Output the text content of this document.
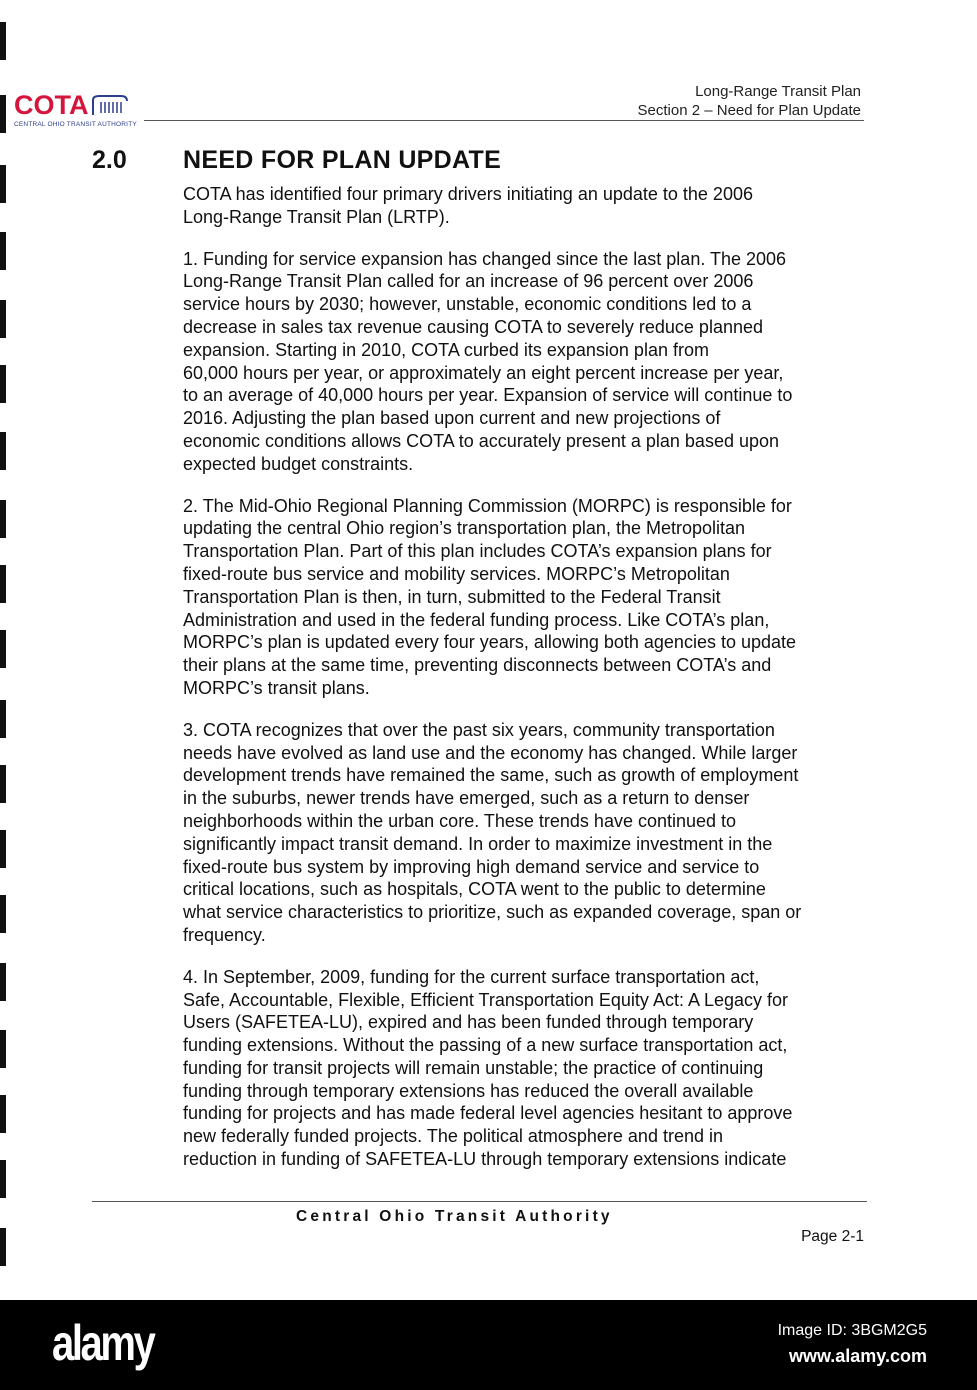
COTA
CENTRAL OHIO TRANSIT AUTHORITY
Long-Range Transit Plan
Section 2 – Need for Plan Update
2.0 NEED FOR PLAN UPDATE
COTA has identified four primary drivers initiating an update to the 2006
Long-Range Transit Plan (LRTP).
1. Funding for service expansion has changed since the last plan. The 2006
Long-Range Transit Plan called for an increase of 96 percent over 2006
service hours by 2030; however, unstable, economic conditions led to a
decrease in sales tax revenue causing COTA to severely reduce planned
expansion. Starting in 2010, COTA curbed its expansion plan from
60,000 hours per year, or approximately an eight percent increase per year,
to an average of 40,000 hours per year. Expansion of service will continue to
2016. Adjusting the plan based upon current and new projections of
economic conditions allows COTA to accurately present a plan based upon
expected budget constraints.
2. The Mid-Ohio Regional Planning Commission (MORPC) is responsible for
updating the central Ohio region’s transportation plan, the Metropolitan
Transportation Plan. Part of this plan includes COTA’s expansion plans for
fixed-route bus service and mobility services. MORPC’s Metropolitan
Transportation Plan is then, in turn, submitted to the Federal Transit
Administration and used in the federal funding process. Like COTA’s plan,
MORPC’s plan is updated every four years, allowing both agencies to update
their plans at the same time, preventing disconnects between COTA’s and
MORPC’s transit plans.
3. COTA recognizes that over the past six years, community transportation
needs have evolved as land use and the economy has changed. While larger
development trends have remained the same, such as growth of employment
in the suburbs, newer trends have emerged, such as a return to denser
neighborhoods within the urban core. These trends have continued to
significantly impact transit demand. In order to maximize investment in the
fixed-route bus system by improving high demand service and service to
critical locations, such as hospitals, COTA went to the public to determine
what service characteristics to prioritize, such as expanded coverage, span or
frequency.
4. In September, 2009, funding for the current surface transportation act,
Safe, Accountable, Flexible, Efficient Transportation Equity Act: A Legacy for
Users (SAFETEA-LU), expired and has been funded through temporary
funding extensions. Without the passing of a new surface transportation act,
funding for transit projects will remain unstable; the practice of continuing
funding through temporary extensions has reduced the overall available
funding for projects and has made federal level agencies hesitant to approve
new federally funded projects. The political atmosphere and trend in
reduction in funding of SAFETEA-LU through temporary extensions indicate
Central Ohio Transit Authority
Page 2-1
alamy	Image ID: 3BGM2G5
www.alamy.com
